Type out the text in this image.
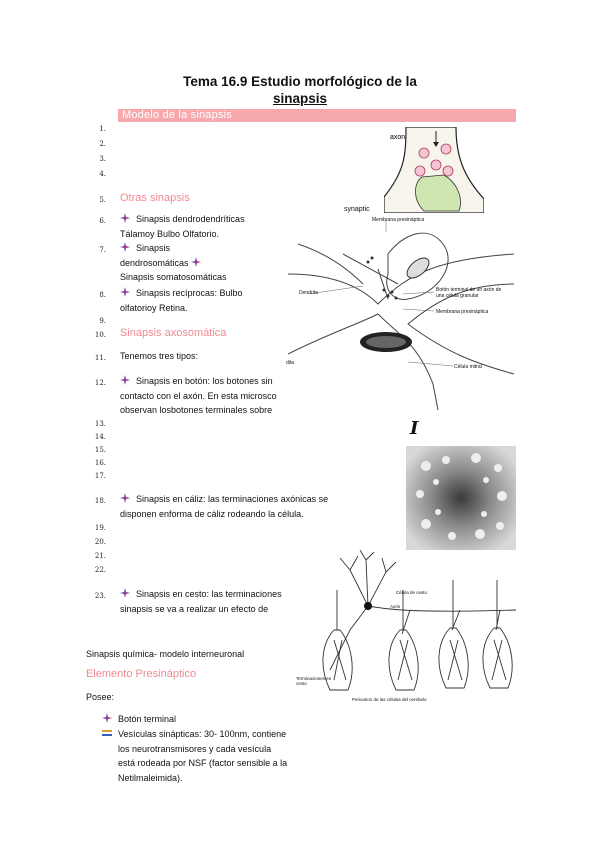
Tema 16.9 Estudio morfológico de la
sinapsis
Modelo de la sinapsis
1.
2.
3.
4.
5. Otras sinapsis
6.	Sinapsis dendrodendríticas
Tálamoy Bulbo Olfatorio.
7.	Sinapsis
dendrosomáticas
Sinapsis somatosomáticas
8.	Sinapsis recíprocas: Bulbo
olfatorioy Retina.
9.
10. Sinapsis axosomática
11. Tenemos tres tipos:
12.	Sinapsis en botón: los botones sin
contacto con el axón. En esta microsco
observan losbotones terminales sobre
13.
14.
15.
16.
17.
18.	Sinapsis en cáliz: las terminaciones axónicas se
disponen enforma de cáliz rodeando la célula.
19.
20.
21.
22.
23.	Sinapsis en cesto: las terminaciones
sinapsis se va a realizar un efecto de
Sinapsis química- modelo interneuronal
Elemento Presináptico
Posee:
Botón terminal
Vesículas sinápticas: 30- 100nm, contiene
los neurotransmisores y cada vesícula
está rodeada por NSF (factor sensible a la
Netilmaleimida).
axon
synaptic
Membrana presináptica
Dendrita	Botón terminal de un axón de una célula granular
Membrana presináptica
Célula mitral
dita
I
Célula de cesto
Axón
Terminaciones en cesto
Pericarion de las células del cerebelo
